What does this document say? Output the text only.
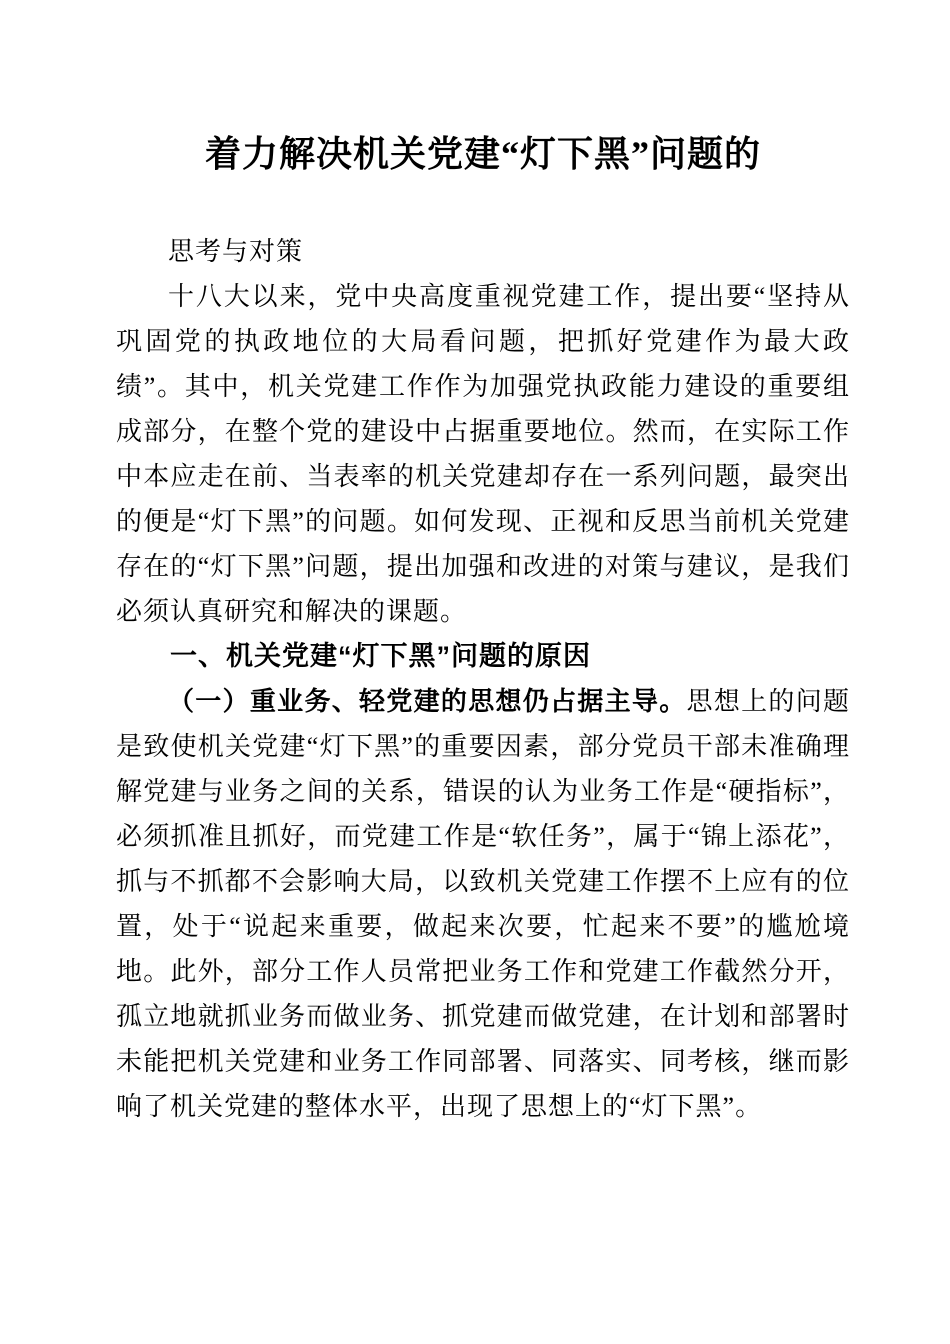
着力解决机关党建“灯下黑”问题的

思考与对策

十八大以来，党中央高度重视党建工作，提出要“坚持从巩固党的执政地位的大局看问题，把抓好党建作为最大政绩”。其中，机关党建工作作为加强党执政能力建设的重要组成部分，在整个党的建设中占据重要地位。然而，在实际工作中本应走在前、当表率的机关党建却存在一系列问题，最突出的便是“灯下黑”的问题。如何发现、正视和反思当前机关党建存在的“灯下黑”问题，提出加强和改进的对策与建议，是我们必须认真研究和解决的课题。

一、机关党建“灯下黑”问题的原因

（一）重业务、轻党建的思想仍占据主导。思想上的问题是致使机关党建“灯下黑”的重要因素，部分党员干部未准确理解党建与业务之间的关系，错误的认为业务工作是“硬指标”，必须抓准且抓好，而党建工作是“软任务”，属于“锦上添花”，抓与不抓都不会影响大局，以致机关党建工作摆不上应有的位置，处于“说起来重要，做起来次要，忙起来不要”的尴尬境地。此外，部分工作人员常把业务工作和党建工作截然分开，孤立地就抓业务而做业务、抓党建而做党建，在计划和部署时未能把机关党建和业务工作同部署、同落实、同考核，继而影响了机关党建的整体水平，出现了思想上的“灯下黑”。
